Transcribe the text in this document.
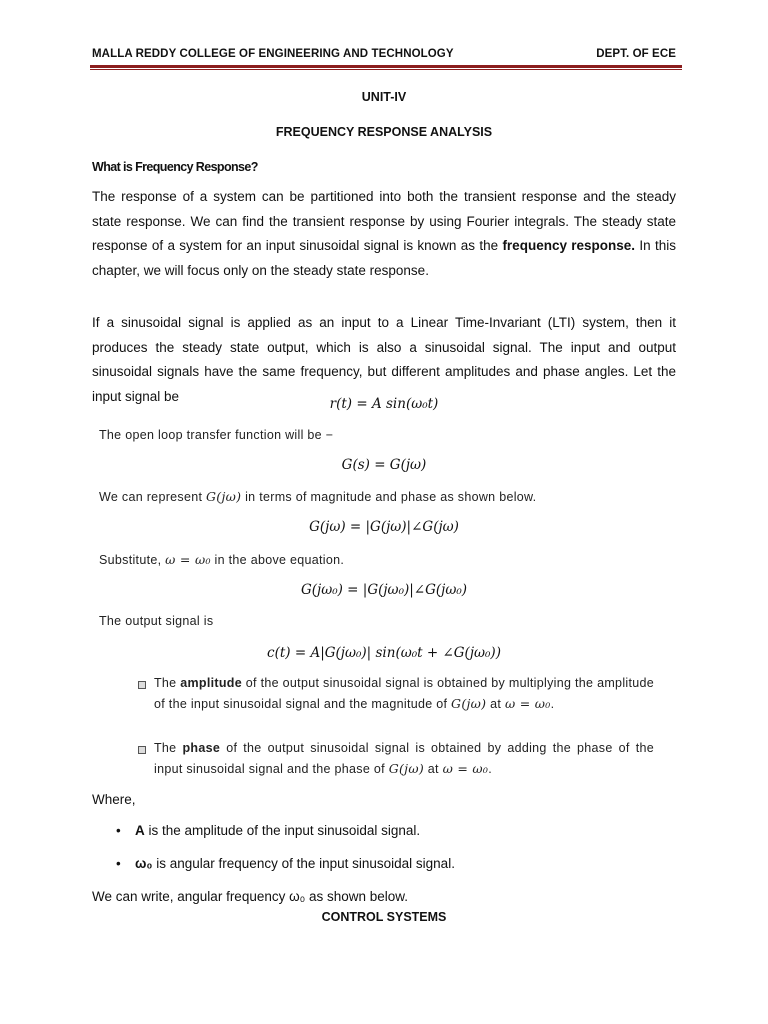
MALLA REDDY COLLEGE OF ENGINEERING AND TECHNOLOGY	DEPT. OF ECE
UNIT-IV
FREQUENCY RESPONSE ANALYSIS
What is Frequency Response?
The response of a system can be partitioned into both the transient response and the steady state response. We can find the transient response by using Fourier integrals. The steady state response of a system for an input sinusoidal signal is known as the frequency response. In this chapter, we will focus only on the steady state response.
If a sinusoidal signal is applied as an input to a Linear Time-Invariant (LTI) system, then it produces the steady state output, which is also a sinusoidal signal. The input and output sinusoidal signals have the same frequency, but different amplitudes and phase angles. Let the input signal be	r(t) = A sin(ω₀t)
The open loop transfer function will be −
G(s) = G(jω)
We can represent G(jω) in terms of magnitude and phase as shown below.
G(jω) = |G(jω)|∠G(jω)
Substitute, ω = ω₀ in the above equation.
G(jω₀) = |G(jω₀)|∠G(jω₀)
The output signal is
c(t) = A|G(jω₀)| sin(ω₀t + ∠G(jω₀))
The amplitude of the output sinusoidal signal is obtained by multiplying the amplitude of the input sinusoidal signal and the magnitude of G(jω) at ω = ω₀.
The phase of the output sinusoidal signal is obtained by adding the phase of the input sinusoidal signal and the phase of G(jω) at ω = ω₀.
Where,
• A is the amplitude of the input sinusoidal signal.
• ω₀ is angular frequency of the input sinusoidal signal.
We can write, angular frequency ω₀ as shown below.
CONTROL SYSTEMS
